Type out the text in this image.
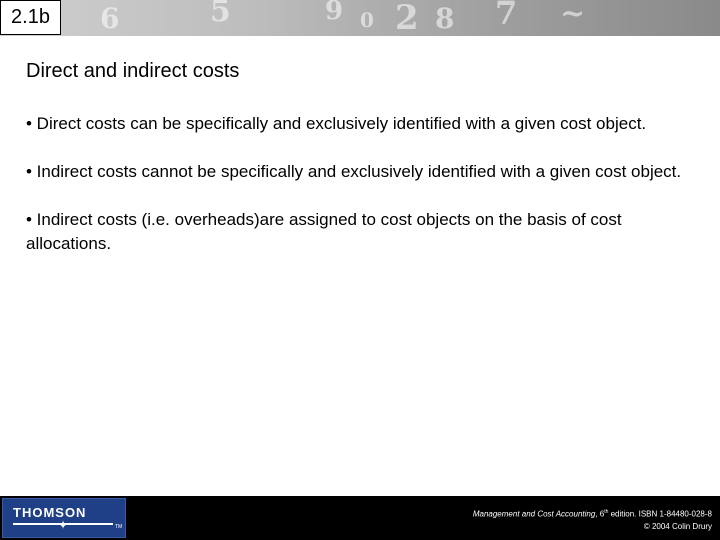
6	5	9 0 2 8 7 ~
2.1b
Direct and indirect costs
• Direct costs can be specifically and exclusively identified with a given cost object.
• Indirect costs cannot be specifically and exclusively identified with a given cost object.
• Indirect costs (i.e. overheads)are assigned to cost objects on the basis of cost allocations.
THOMSON
✦	TM
Management and Cost Accounting, 6th edition. ISBN 1-84480-028-8
© 2004 Colin Drury
